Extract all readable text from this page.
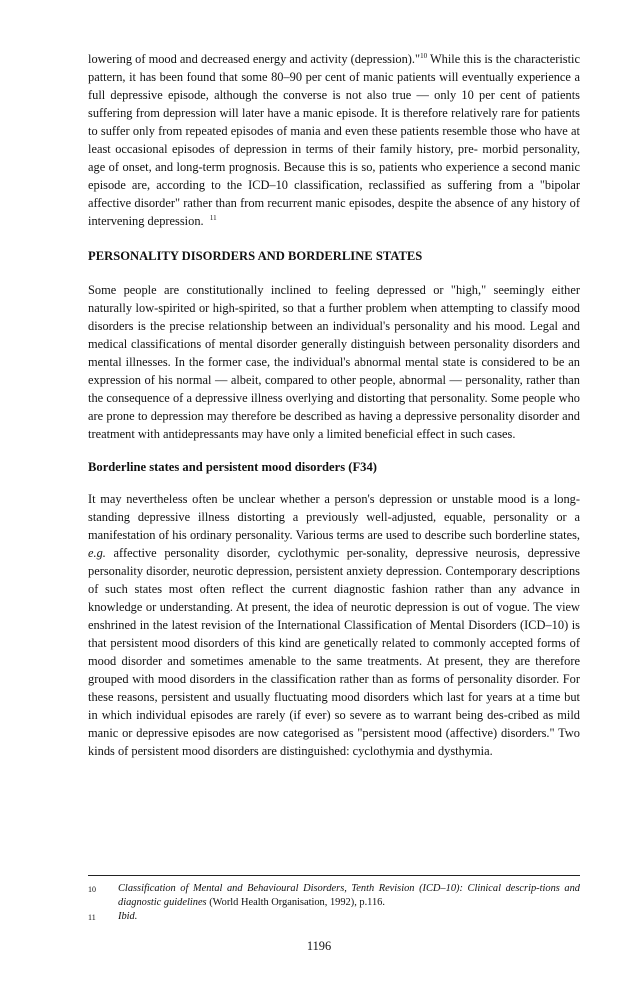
lowering of mood and decreased energy and activity (depression)."$^{10}$ While this is the characteristic pattern, it has been found that some 80–90 per cent of manic patients will eventually experience a full depressive episode, although the converse is not also true — only 10 per cent of patients suffering from depression will later have a manic episode. It is therefore relatively rare for patients to suffer only from repeated episodes of mania and even these patients resemble those who have at least occasional episodes of depression in terms of their family history, pre- morbid personality, age of onset, and long-term prognosis. Because this is so, patients who experience a second manic episode are, according to the ICD–10 classification, reclassified as suffering from a "bipolar affective disorder" rather than from recurrent manic episodes, despite the absence of any history of intervening depression. $^{11}$

PERSONALITY DISORDERS AND BORDERLINE STATES

Some people are constitutionally inclined to feeling depressed or "high," seemingly either naturally low-spirited or high-spirited, so that a further problem when attempting to classify mood disorders is the precise relationship between an individual's personality and his mood. Legal and medical classifications of mental disorder generally distinguish between personality disorders and mental illnesses. In the former case, the individual's abnormal mental state is considered to be an expression of his normal — albeit, compared to other people, abnormal — personality, rather than the consequence of a depressive illness overlying and distorting that personality. Some people who are prone to depression may therefore be described as having a depressive personality disorder and treatment with antidepressants may have only a limited beneficial effect in such cases.

Borderline states and persistent mood disorders (F34)

It may nevertheless often be unclear whether a person's depression or unstable mood is a long-standing depressive illness distorting a previously well-adjusted, equable, personality or a manifestation of his ordinary personality. Various terms are used to describe such borderline states, e.g. affective personality disorder, cyclothymic per-sonality, depressive neurosis, depressive personality disorder, neurotic depression, persistent anxiety depression. Contemporary descriptions of such states most often reflect the current diagnostic fashion rather than any advance in knowledge or understanding. At present, the idea of neurotic depression is out of vogue. The view enshrined in the latest revision of the International Classification of Mental Disorders (ICD–10) is that persistent mood disorders of this kind are genetically related to commonly accepted forms of mood disorder and sometimes amenable to the same treatments. At present, they are therefore grouped with mood disorders in the classification rather than as forms of personality disorder. For these reasons, persistent and usually fluctuating mood disorders which last for years at a time but in which individual episodes are rarely (if ever) so severe as to warrant being des-cribed as mild manic or depressive episodes are now categorised as "persistent mood (affective) disorders." Two kinds of persistent mood disorders are distinguished: cyclothymia and dysthymia.

10	Classification of Mental and Behavioural Disorders, Tenth Revision (ICD–10): Clinical descrip-tions and diagnostic guidelines (World Health Organisation, 1992), p.116.
11	Ibid.
1196
